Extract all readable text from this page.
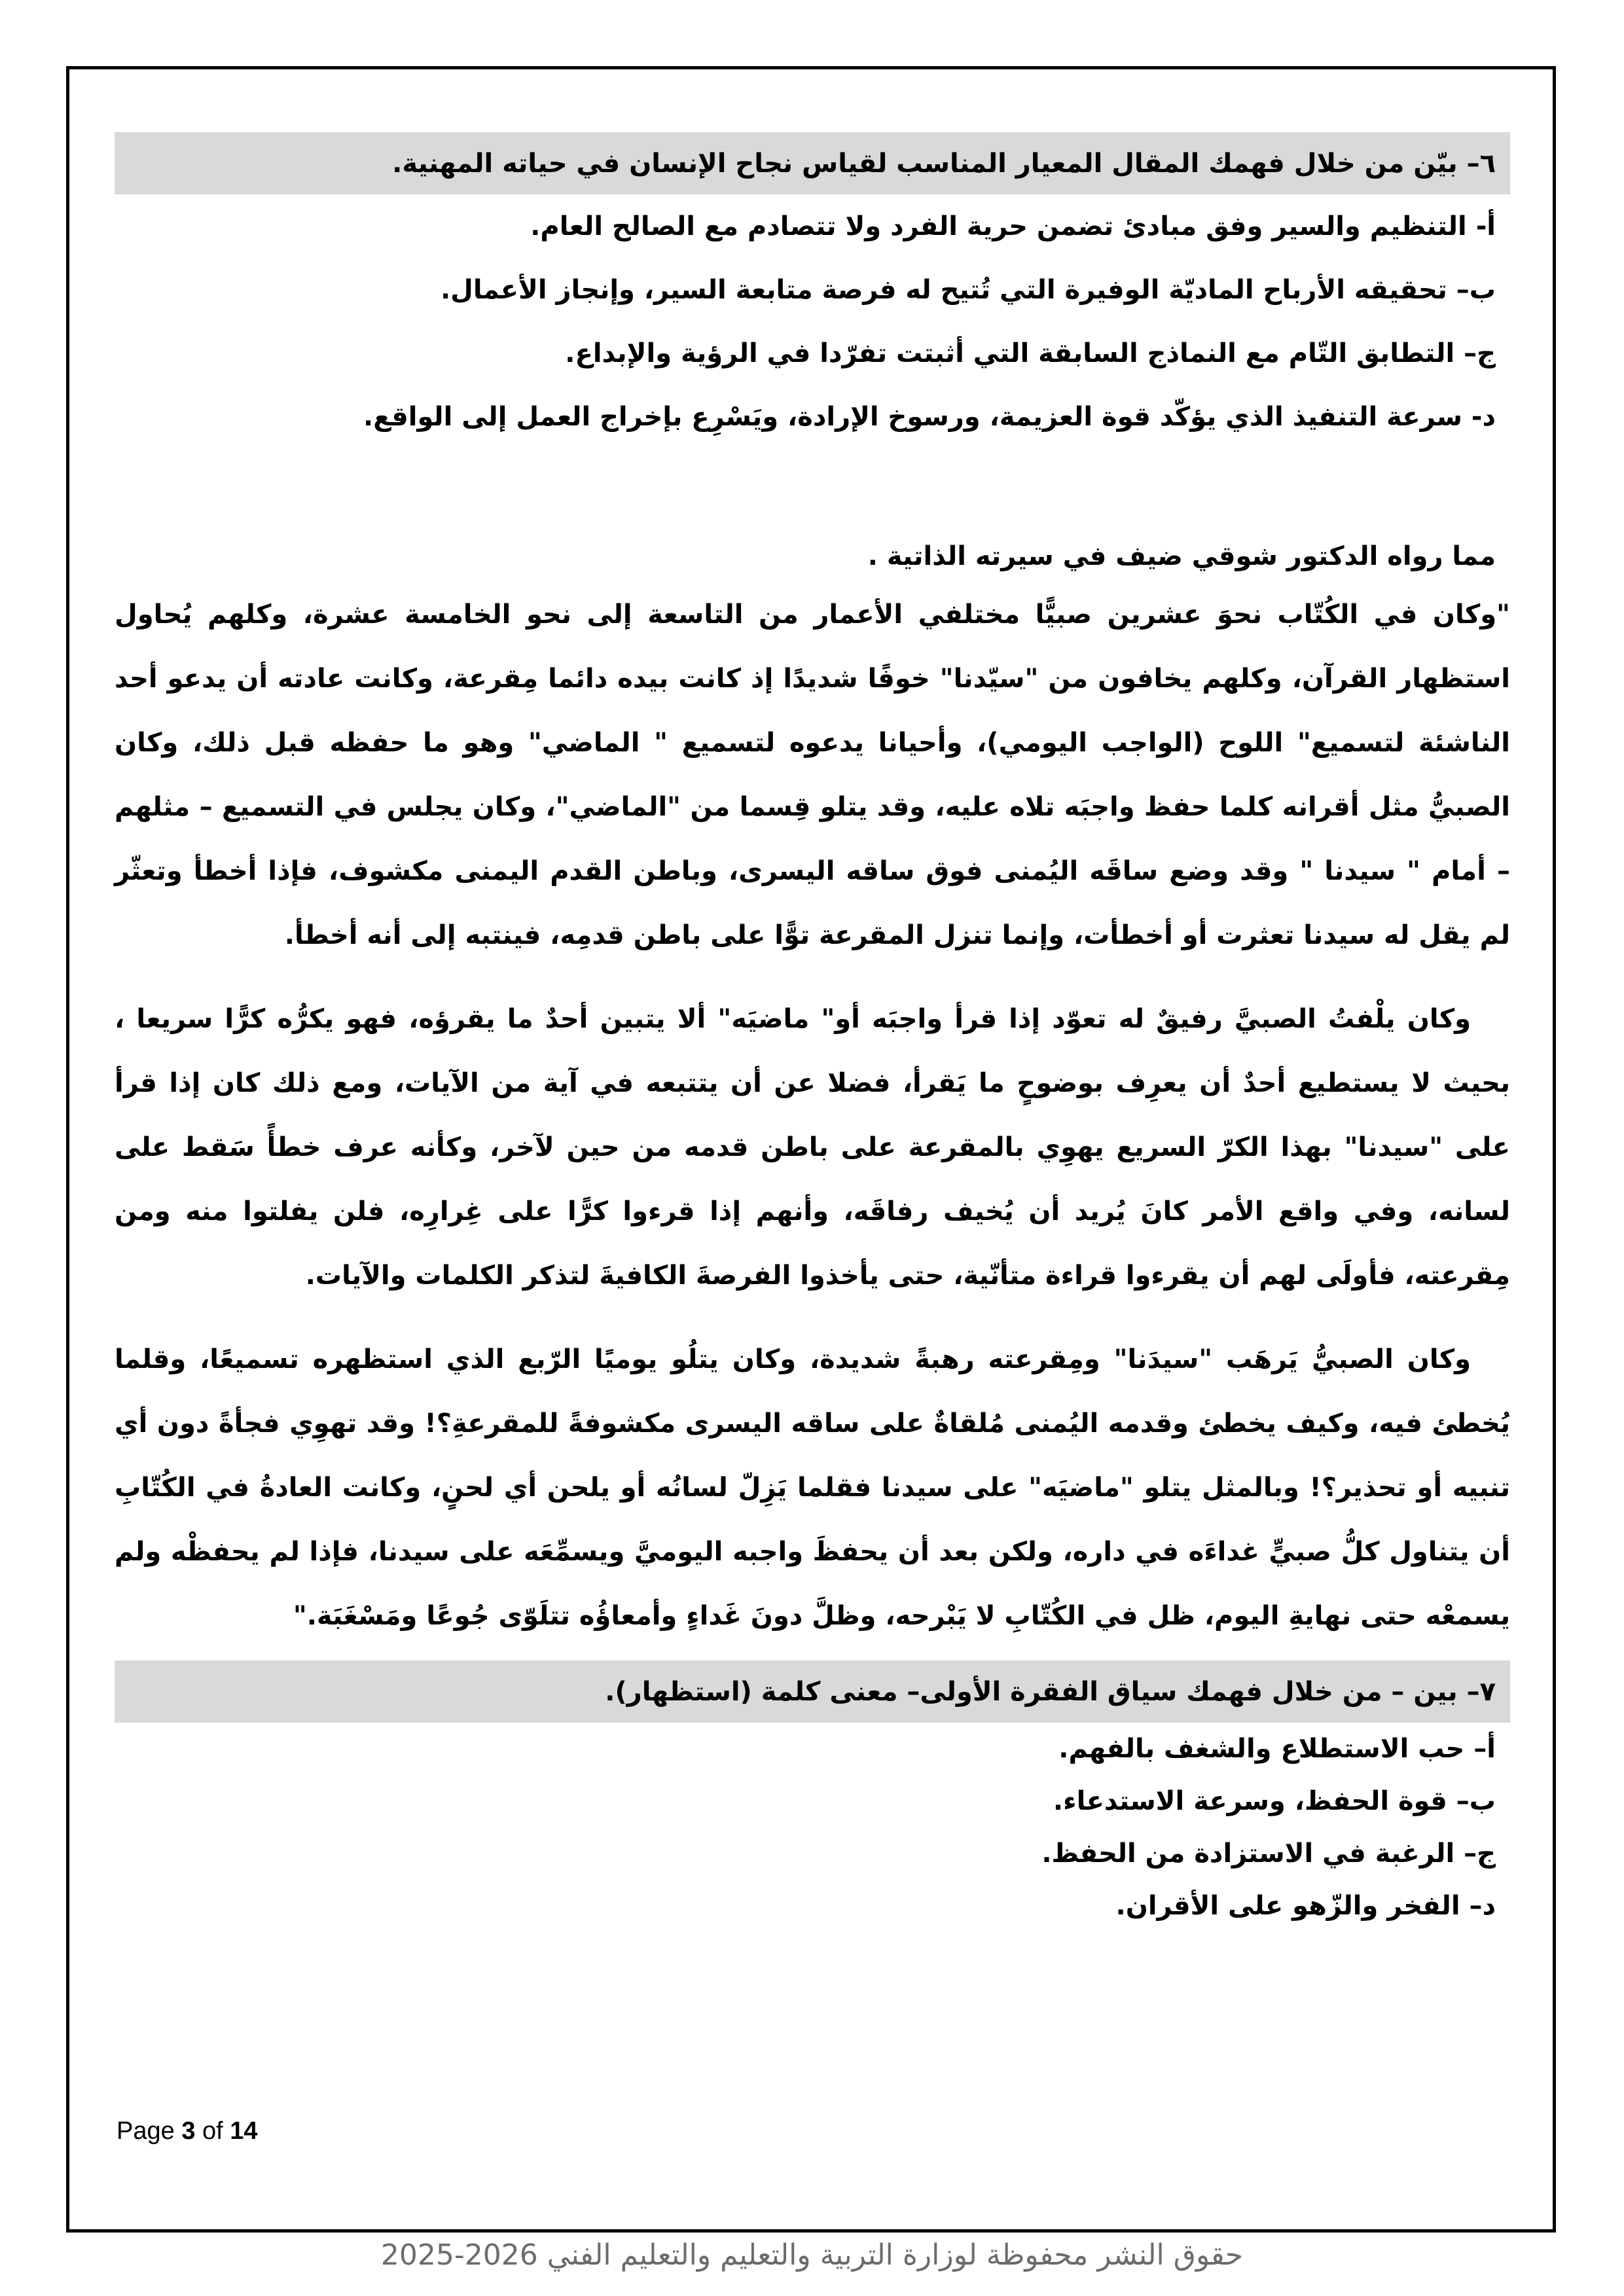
٦– بيّن من خلال فهمك المقال المعيار المناسب لقياس نجاح الإنسان في حياته المهنية.
أ- التنظيم والسير وفق مبادئ تضمن حرية الفرد ولا تتصادم مع الصالح العام.
ب– تحقيقه الأرباح الماديّة الوفيرة التي تُتيح له فرصة متابعة السير، وإنجاز الأعمال.
ج– التطابق التّام مع النماذج السابقة التي أثبتت تفرّدا في الرؤية والإبداع.
د- سرعة التنفيذ الذي يؤكّد قوة العزيمة، ورسوخ الإرادة، ويَسْرِع بإخراج العمل إلى الواقع.
مما رواه الدكتور شوقي ضيف في سيرته الذاتية .

"وكان في الكُتّاب نحوَ عشرين صبيًّا مختلفي الأعمار من التاسعة إلى نحو الخامسة عشرة، وكلهم يُحاول استظهار القرآن، وكلهم يخافون من "سيّدنا" خوفًا شديدًا إذ كانت بيده دائما مِقرعة، وكانت عادته أن يدعو أحد الناشئة لتسميع" اللوح (الواجب اليومي)، وأحيانا يدعوه لتسميع " الماضي" وهو ما حفظه قبل ذلك، وكان الصبيُّ مثل أقرانه كلما حفظ واجبَه تلاه عليه، وقد يتلو قِسما من "الماضي"، وكان يجلس في التسميع – مثلهم – أمام " سيدنا " وقد وضع ساقَه اليُمنى فوق ساقه اليسرى، وباطن القدم اليمنى مكشوف، فإذا أخطأ وتعثّر لم يقل له سيدنا تعثرت أو أخطأت، وإنما تنزل المقرعة توًّا على باطن قدمِه، فينتبه إلى أنه أخطأ.

وكان يلْفتُ الصبيَّ رفيقٌ له تعوّد إذا قرأ واجبَه أو" ماضيَه" ألا يتبين أحدٌ ما يقرؤه، فهو يكرُّه كرًّا سريعا ، بحيث لا يستطيع أحدٌ أن يعرِف بوضوحٍ ما يَقرأ، فضلا عن أن يتتبعه في آية من الآيات، ومع ذلك كان إذا قرأ على "سيدنا" بهذا الكرّ السريع يهوِي بالمقرعة على باطن قدمه من حين لآخر، وكأنه عرف خطأً سَقط على لسانه، وفي واقع الأمر كانَ يُريد أن يُخيف رفاقَه، وأنهم إذا قرءوا كرًّا على غِرارِه، فلن يفلتوا منه ومن مِقرعته، فأولَى لهم أن يقرءوا قراءة متأنّية، حتى يأخذوا الفرصةَ الكافيةَ لتذكر الكلمات والآيات.

وكان الصبيُّ يَرهَب "سيدَنا" ومِقرعته رهبةً شديدة، وكان يتلُو يوميًا الرّبع الذي استظهره تسميعًا، وقلما يُخطئ فيه، وكيف يخطئ وقدمه اليُمنى مُلقاةٌ على ساقه اليسرى مكشوفةً للمقرعةِ؟! وقد تهوِي فجأةً دون أي تنبيه أو تحذير؟! وبالمثل يتلو "ماضيَه" على سيدنا فقلما يَزِلّ لسانُه أو يلحن أي لحنٍ، وكانت العادةُ في الكُتّابِ أن يتناول كلُّ صبيٍّ غداءَه في داره، ولكن بعد أن يحفظَ واجبه اليوميَّ ويسمِّعَه على سيدنا، فإذا لم يحفظْه ولم يسمعْه حتى نهايةِ اليوم، ظل في الكُتّابِ لا يَبْرحه، وظلَّ دونَ غَداءٍ وأمعاؤُه تتلَوّى جُوعًا ومَسْغَبَة."

٧– بين – من خلال فهمك سياق الفقرة الأولى– معنى كلمة (استظهار).
أ– حب الاستطلاع والشغف بالفهم.
ب– قوة الحفظ، وسرعة الاستدعاء.
ج– الرغبة في الاستزادة من الحفظ.
د– الفخر والزّهو على الأقران.
Page 3 of 14
حقوق النشر محفوظة لوزارة التربية والتعليم والتعليم الفني 2026-2025
